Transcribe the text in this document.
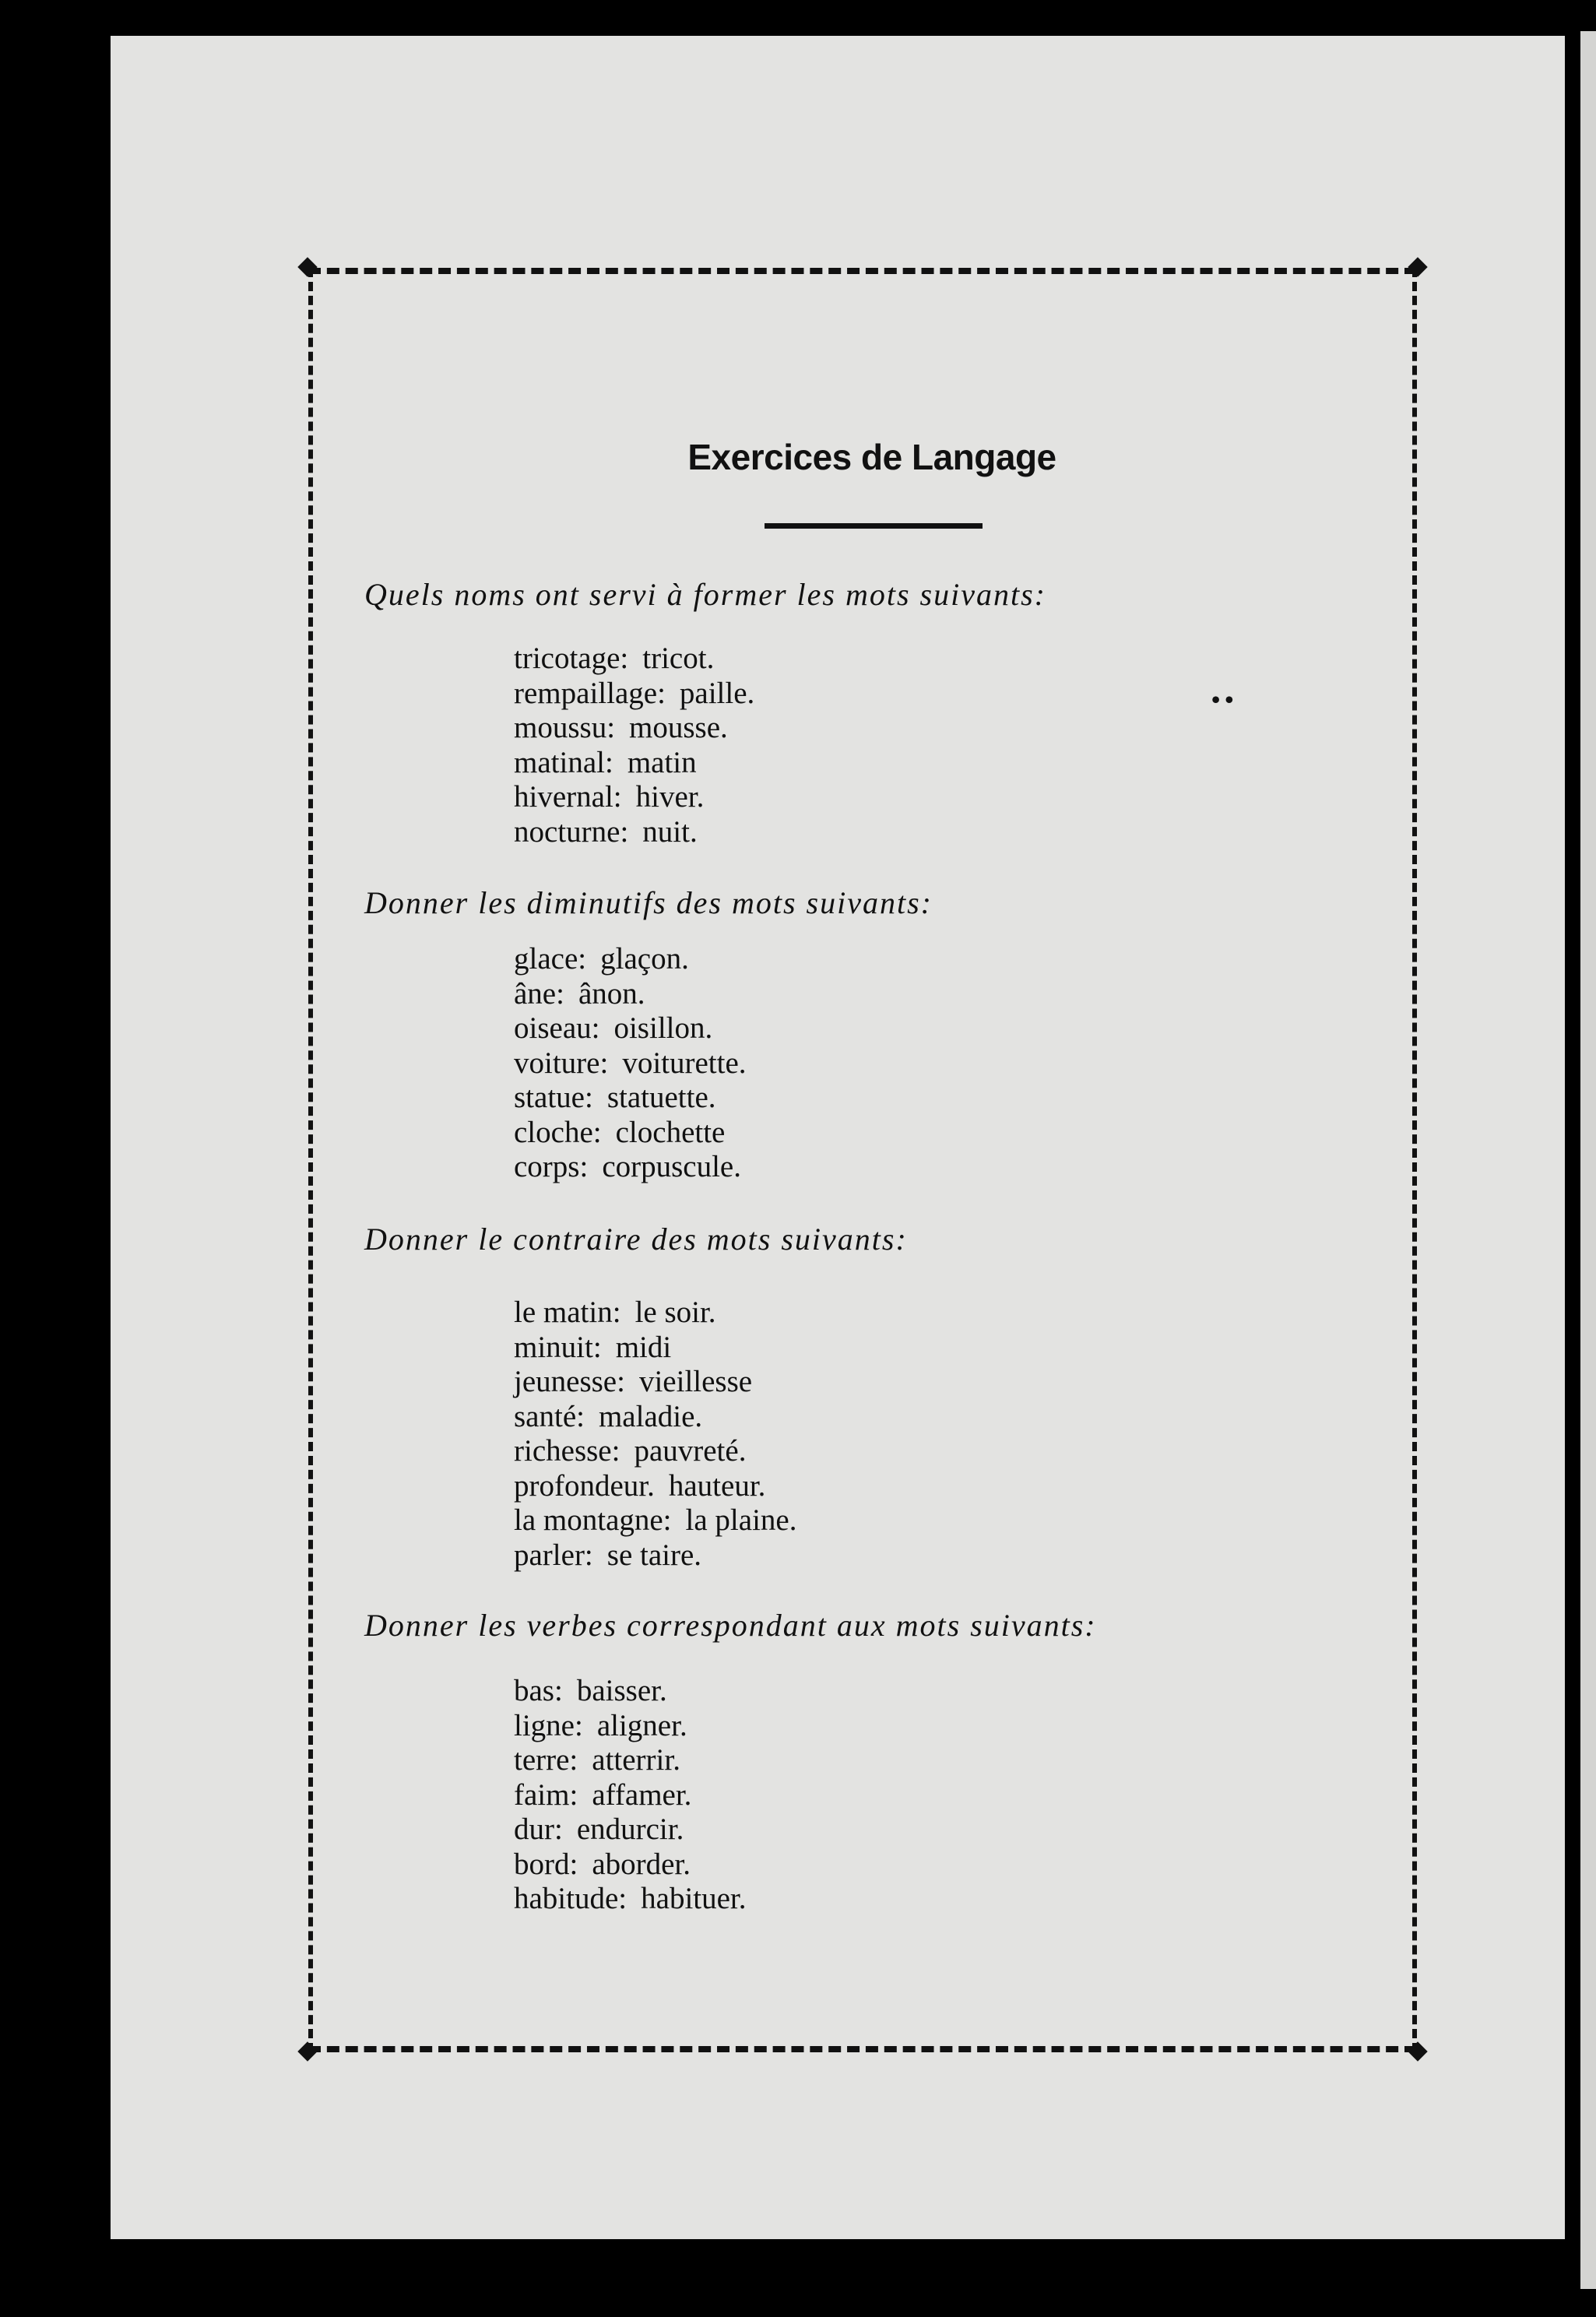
Exercices de Langage
••
Quels noms ont servi à former les mots suivants:
tricotage: tricot.
rempaillage: paille.
moussu: mousse.
matinal: matin
hivernal: hiver.
nocturne: nuit.
Donner les diminutifs des mots suivants:
glace: glaçon.
âne: ânon.
oiseau: oisillon.
voiture: voiturette.
statue: statuette.
cloche: clochette
corps: corpuscule.
Donner le contraire des mots suivants:
le matin: le soir.
minuit: midi
jeunesse: vieillesse
santé: maladie.
richesse: pauvreté.
profondeur. hauteur.
la montagne: la plaine.
parler: se taire.
Donner les verbes correspondant aux mots suivants:
bas: baisser.
ligne: aligner.
terre: atterrir.
faim: affamer.
dur: endurcir.
bord: aborder.
habitude: habituer.
